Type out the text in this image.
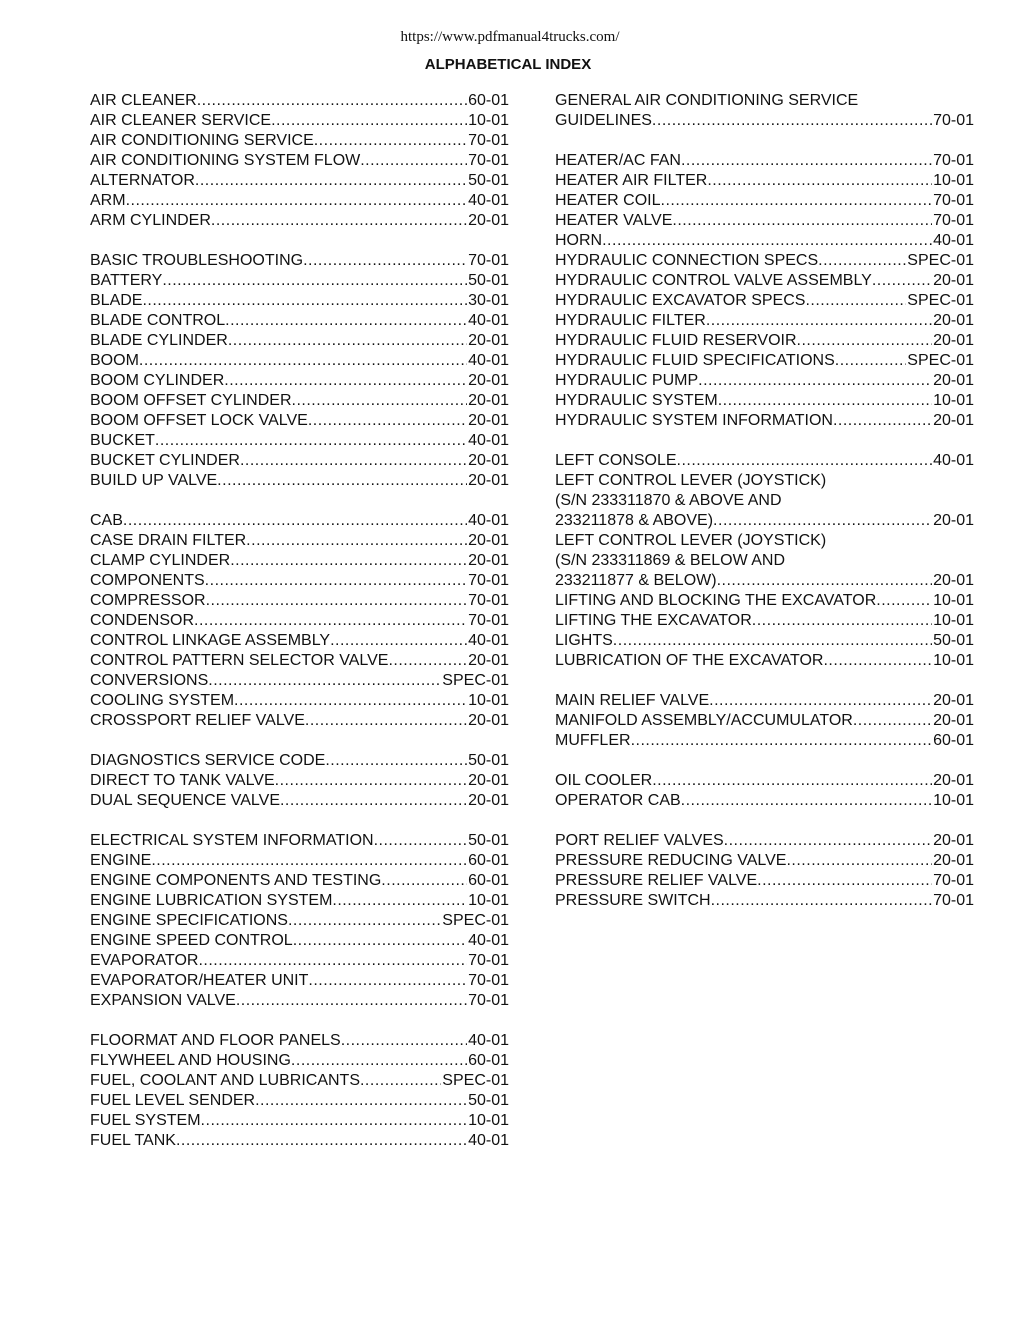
https://www.pdfmanual4trucks.com/
ALPHABETICAL INDEX
AIR CLEANER .....	60-01
AIR CLEANER SERVICE .....	10-01
AIR CONDITIONING SERVICE .....	70-01
AIR CONDITIONING SYSTEM FLOW .....	70-01
ALTERNATOR .....	50-01
ARM .....	40-01
ARM CYLINDER .....	20-01
BASIC TROUBLESHOOTING .....	70-01
BATTERY .....	50-01
BLADE .....	30-01
BLADE CONTROL .....	40-01
BLADE CYLINDER .....	20-01
BOOM .....	40-01
BOOM CYLINDER .....	20-01
BOOM OFFSET CYLINDER .....	20-01
BOOM OFFSET LOCK VALVE .....	20-01
BUCKET .....	40-01
BUCKET CYLINDER .....	20-01
BUILD UP VALVE .....	20-01
CAB .....	40-01
CASE DRAIN FILTER .....	20-01
CLAMP CYLINDER .....	20-01
COMPONENTS .....	70-01
COMPRESSOR .....	70-01
CONDENSOR .....	70-01
CONTROL LINKAGE ASSEMBLY .....	40-01
CONTROL PATTERN SELECTOR VALVE .....	20-01
CONVERSIONS .....	SPEC-01
COOLING SYSTEM .....	10-01
CROSSPORT RELIEF VALVE .....	20-01
DIAGNOSTICS SERVICE CODE .....	50-01
DIRECT TO TANK VALVE .....	20-01
DUAL SEQUENCE VALVE .....	20-01
ELECTRICAL SYSTEM INFORMATION .....	50-01
ENGINE .....	60-01
ENGINE COMPONENTS AND TESTING .....	60-01
ENGINE LUBRICATION SYSTEM .....	10-01
ENGINE SPECIFICATIONS .....	SPEC-01
ENGINE SPEED CONTROL .....	40-01
EVAPORATOR .....	70-01
EVAPORATOR/HEATER UNIT .....	70-01
EXPANSION VALVE .....	70-01
FLOORMAT AND FLOOR PANELS .....	40-01
FLYWHEEL AND HOUSING .....	60-01
FUEL, COOLANT AND LUBRICANTS .....	SPEC-01
FUEL LEVEL SENDER .....	50-01
FUEL SYSTEM .....	10-01
FUEL TANK .....	40-01
GENERAL AIR CONDITIONING SERVICE
GUIDELINES .....	70-01
HEATER/AC FAN .....	70-01
HEATER AIR FILTER .....	10-01
HEATER COIL .....	70-01
HEATER VALVE .....	70-01
HORN .....	40-01
HYDRAULIC CONNECTION SPECS .....	SPEC-01
HYDRAULIC CONTROL VALVE ASSEMBLY .....	20-01
HYDRAULIC EXCAVATOR SPECS .....	SPEC-01
HYDRAULIC FILTER .....	20-01
HYDRAULIC FLUID RESERVOIR .....	20-01
HYDRAULIC FLUID SPECIFICATIONS .....	SPEC-01
HYDRAULIC PUMP .....	20-01
HYDRAULIC SYSTEM .....	10-01
HYDRAULIC SYSTEM INFORMATION .....	20-01
LEFT CONSOLE .....	40-01
LEFT CONTROL LEVER (JOYSTICK)
(S/N 233311870 & ABOVE AND
233211878 & ABOVE) .....	20-01
LEFT CONTROL LEVER (JOYSTICK)
(S/N 233311869 & BELOW AND
233211877 & BELOW) .....	20-01
LIFTING AND BLOCKING THE EXCAVATOR .....	10-01
LIFTING THE EXCAVATOR .....	10-01
LIGHTS .....	50-01
LUBRICATION OF THE EXCAVATOR .....	10-01
MAIN RELIEF VALVE .....	20-01
MANIFOLD ASSEMBLY/ACCUMULATOR .....	20-01
MUFFLER .....	60-01
OIL COOLER .....	20-01
OPERATOR CAB .....	10-01
PORT RELIEF VALVES .....	20-01
PRESSURE REDUCING VALVE .....	20-01
PRESSURE RELIEF VALVE .....	70-01
PRESSURE SWITCH .....	70-01
